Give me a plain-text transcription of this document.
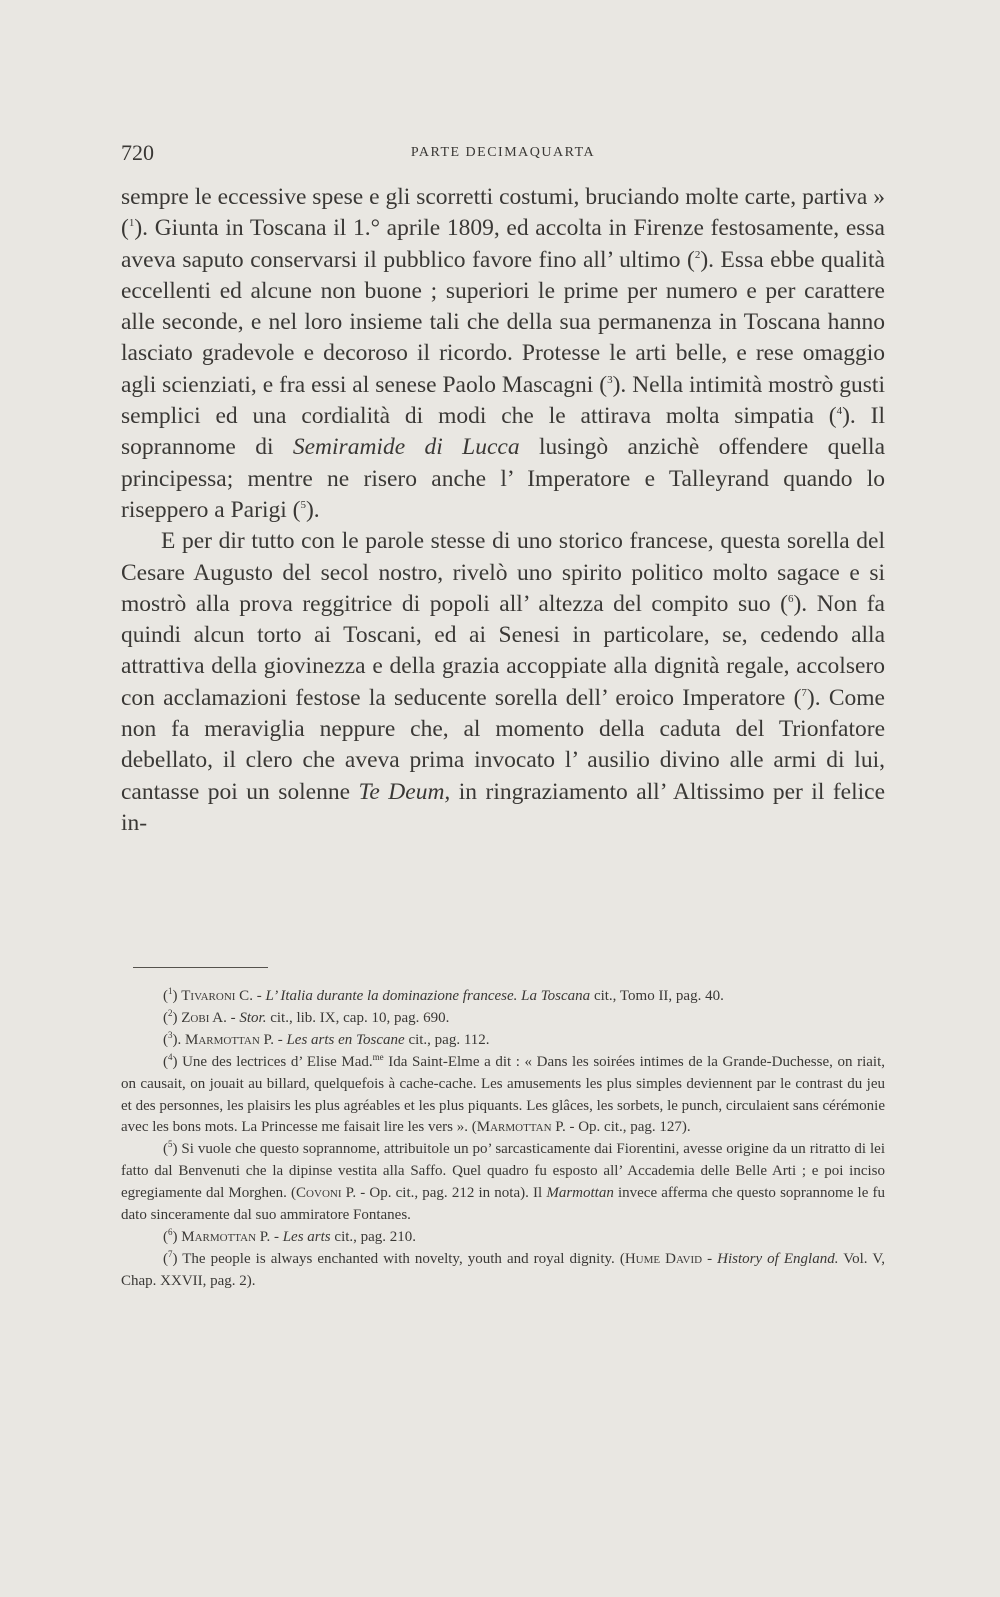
720	PARTE DECIMAQUARTA

sempre le eccessive spese e gli scorretti costumi, bruciando molte carte, partiva » ($^1$). Giunta in Toscana il 1.° aprile 1809, ed accolta in Firenze festosamente, essa aveva saputo conservarsi il pubblico favore fino all’ ultimo ($^2$). Essa ebbe qualità eccellenti ed alcune non buone ; superiori le prime per numero e per carattere alle seconde, e nel loro insieme tali che della sua permanenza in Toscana hanno lasciato gradevole e decoroso il ricordo. Protesse le arti belle, e rese omaggio agli scienziati, e fra essi al senese Paolo Mascagni ($^3$). Nella intimità mostrò gusti semplici ed una cordialità di modi che le attirava molta simpatia ($^4$). Il soprannome di Semiramide di Lucca lusingò anzichè offendere quella principessa; mentre ne risero anche l’ Imperatore e Talleyrand quando lo riseppero a Parigi ($^5$).

E per dir tutto con le parole stesse di uno storico francese, questa sorella del Cesare Augusto del secol nostro, rivelò uno spirito politico molto sagace e si mostrò alla prova reggitrice di popoli all’ altezza del compito suo ($^6$). Non fa quindi alcun torto ai Toscani, ed ai Senesi in particolare, se, cedendo alla attrattiva della giovinezza e della grazia accoppiate alla dignità regale, accolsero con acclamazioni festose la seducente sorella dell’ eroico Imperatore ($^7$). Come non fa meraviglia neppure che, al momento della caduta del Trionfatore debellato, il clero che aveva prima invocato l’ ausilio divino alle armi di lui, cantasse poi un solenne Te Deum, in ringraziamento all’ Altissimo per il felice in-

($^1$) Tivaroni C. - L’ Italia durante la dominazione francese. La Toscana cit., Tomo II, pag. 40.

($^2$) Zobi A. - Stor. cit., lib. IX, cap. 10, pag. 690.

($^3$). Marmottan P. - Les arts en Toscane cit., pag. 112.

($^4$) Une des lectrices d’ Elise Mad.$^{me}$ Ida Saint-Elme a dit : « Dans les soirées intimes de la Grande-Duchesse, on riait, on causait, on jouait au billard, quelquefois à cache-cache. Les amusements les plus simples deviennent par le contrast du jeu et des personnes, les plaisirs les plus agréables et les plus piquants. Les glâces, les sorbets, le punch, circulaient sans cérémonie avec les bons mots. La Princesse me faisait lire les vers ». (Marmottan P. - Op. cit., pag. 127).

($^5$) Si vuole che questo soprannome, attribuitole un po’ sarcasticamente dai Fiorentini, avesse origine da un ritratto di lei fatto dal Benvenuti che la dipinse vestita alla Saffo. Quel quadro fu esposto all’ Accademia delle Belle Arti ; e poi inciso egregiamente dal Morghen. (Covoni P. - Op. cit., pag. 212 in nota). Il Marmottan invece afferma che questo soprannome le fu dato sinceramente dal suo ammiratore Fontanes.

($^6$) Marmottan P. - Les arts cit., pag. 210.

($^7$) The people is always enchanted with novelty, youth and royal dignity. (Hume David - History of England. Vol. V, Chap. XXVII, pag. 2).
